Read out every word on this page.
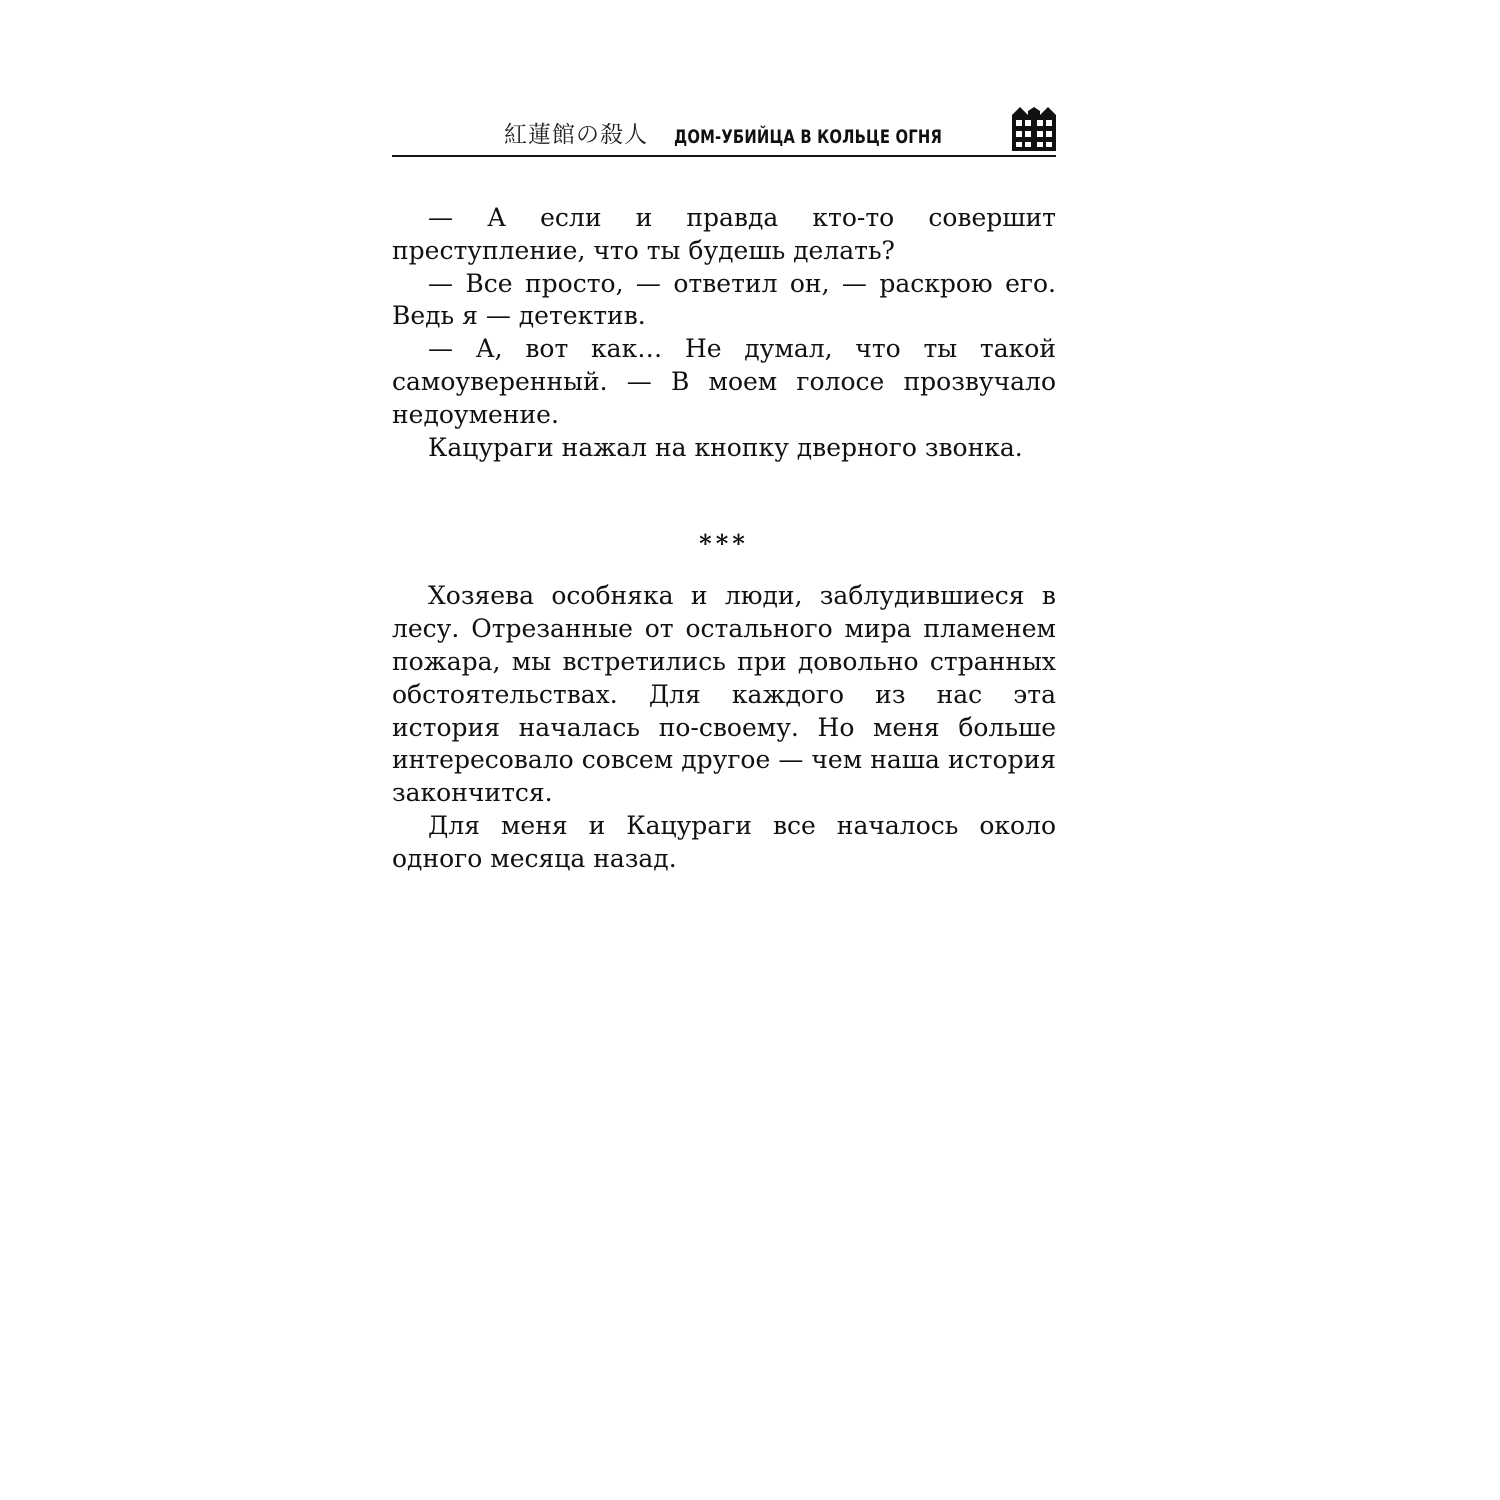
紅蓮館の殺人 ДОМ-УБИЙЦА В КОЛЬЦЕ ОГНЯ

— А если и правда кто-то совершит преступление, что ты будешь делать?

— Все просто, — ответил он, — раскрою его. Ведь я — детектив.

— А, вот как… Не думал, что ты такой самоуверенный. — В моем голосе прозвучало недоумение.

Кацураги нажал на кнопку дверного звонка.

***

Хозяева особняка и люди, заблудившиеся в лесу. Отрезанные от остального мира пламенем пожара, мы встретились при довольно странных обстоятельствах. Для каждого из нас эта история началась по-своему. Но меня больше интересовало совсем другое — чем наша история закончится.

Для меня и Кацураги все началось около одного месяца назад.
